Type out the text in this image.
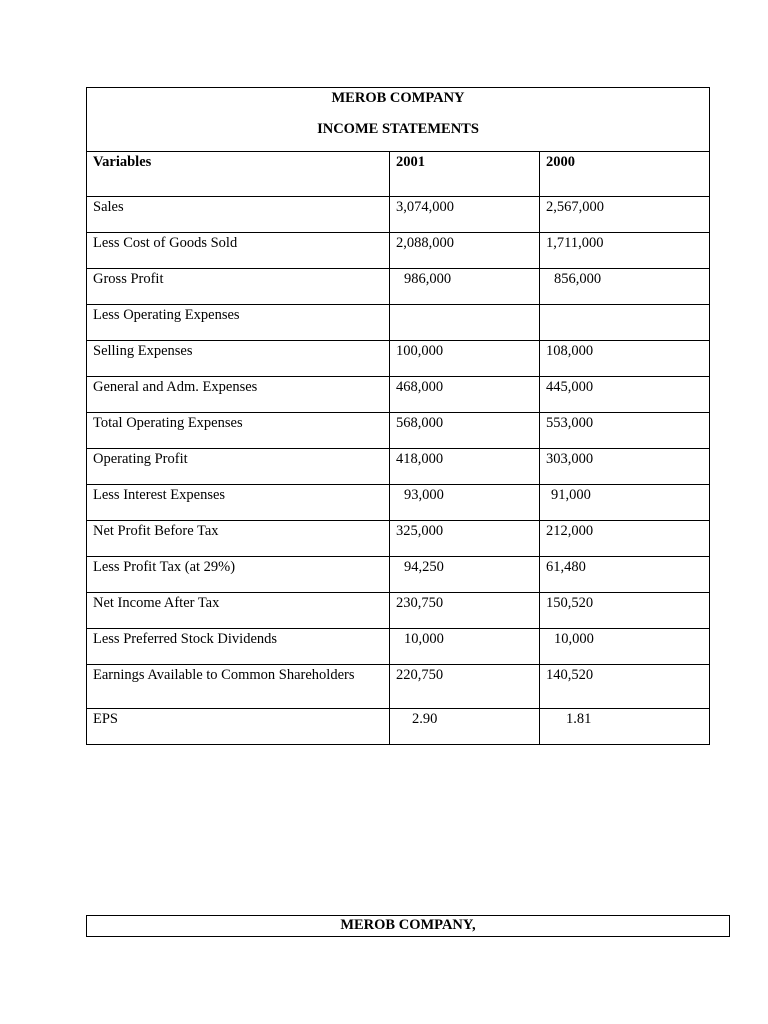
MEROB COMPANY
INCOME STATEMENTS		

Variables	2001	2000
Sales	3,074,000	2,567,000
Less Cost of Goods Sold	2,088,000	1,711,000
Gross Profit	986,000	856,000
Less Operating Expenses		
Selling Expenses	100,000	108,000
General and Adm. Expenses	468,000	445,000
Total Operating Expenses	568,000	553,000
Operating Profit	418,000	303,000
Less Interest Expenses	93,000	91,000
Net Profit Before Tax	325,000	212,000
Less Profit Tax (at 29%)	94,250	61,480
Net Income After Tax	230,750	150,520
Less Preferred Stock Dividends	10,000	10,000
Earnings Available to Common Shareholders	220,750	140,520
EPS	2.90	1.81
MEROB COMPANY,
